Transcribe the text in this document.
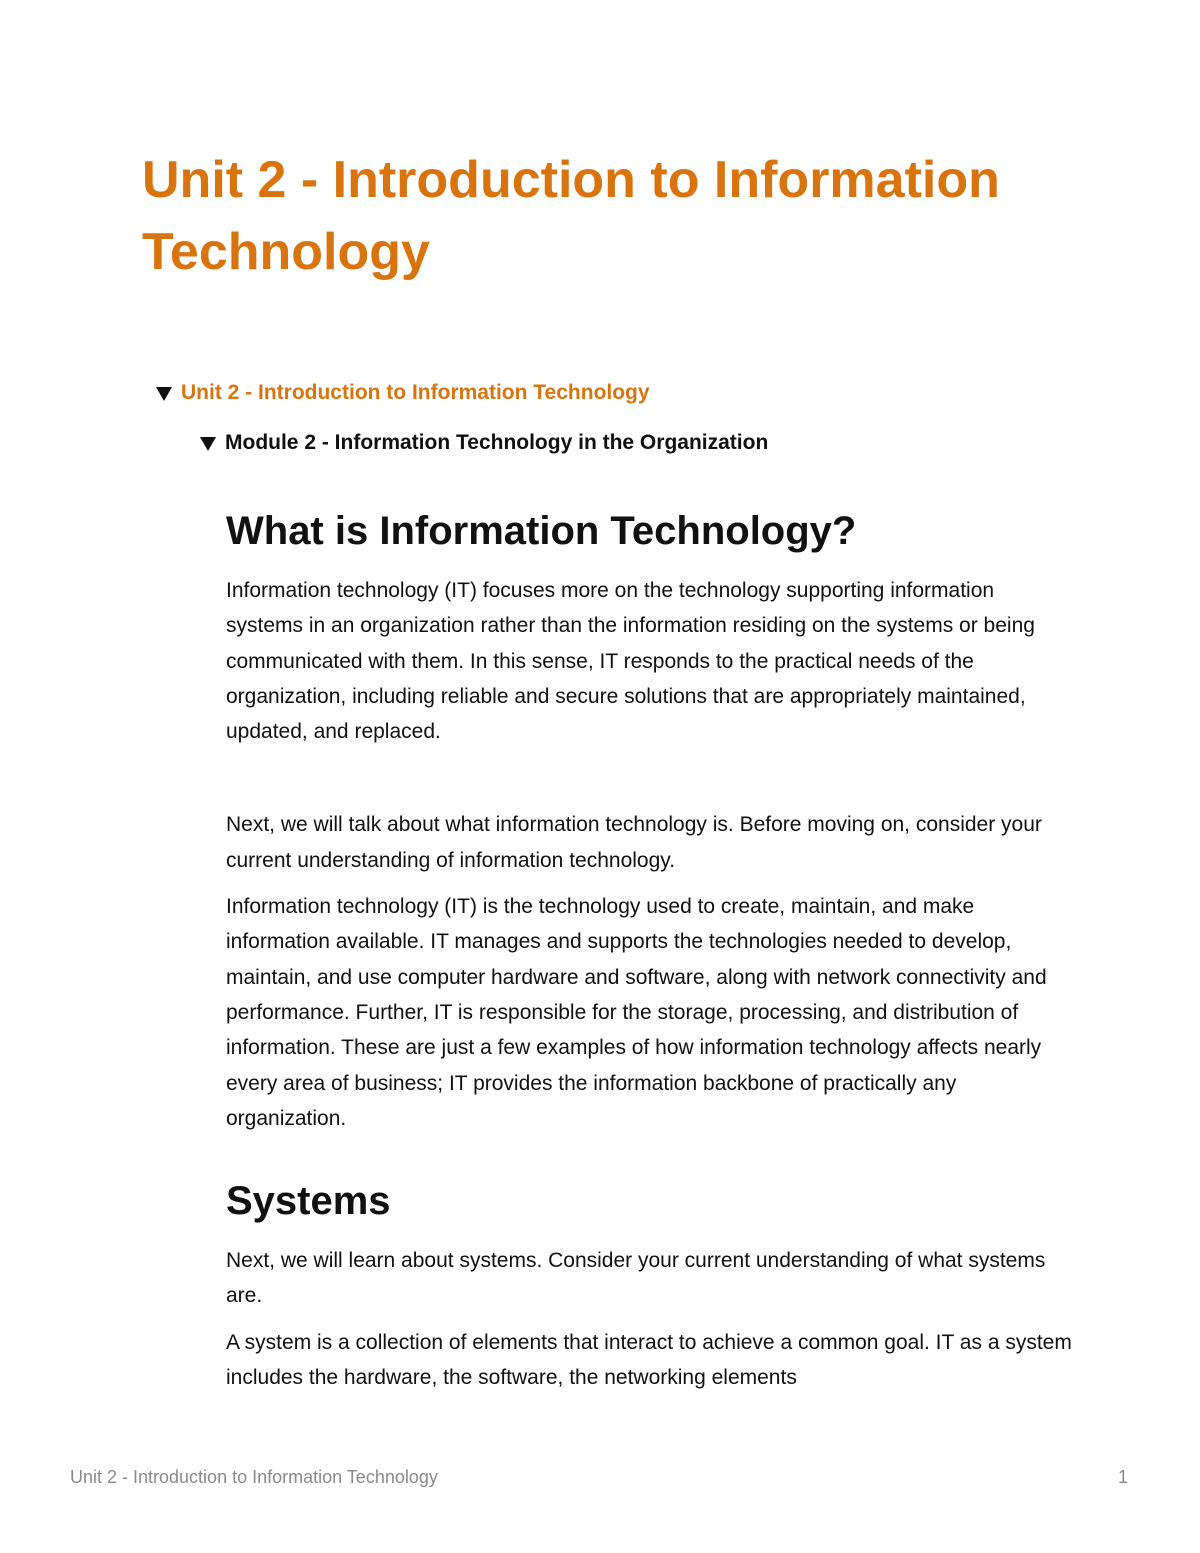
Unit 2 - Introduction to Information Technology
Unit 2 - Introduction to Information Technology
Module 2 - Information Technology in the Organization
What is Information Technology?

Information technology (IT) focuses more on the technology supporting information systems in an organization rather than the information residing on the systems or being communicated with them. In this sense, IT responds to the practical needs of the organization, including reliable and secure solutions that are appropriately maintained, updated, and replaced.

Next, we will talk about what information technology is. Before moving on, consider your current understanding of information technology.

Information technology (IT) is the technology used to create, maintain, and make information available. IT manages and supports the technologies needed to develop, maintain, and use computer hardware and software, along with network connectivity and performance. Further, IT is responsible for the storage, processing, and distribution of information. These are just a few examples of how information technology affects nearly every area of business; IT provides the information backbone of practically any organization.

Systems

Next, we will learn about systems. Consider your current understanding of what systems are.

A system is a collection of elements that interact to achieve a common goal. IT as a system includes the hardware, the software, the networking elements

Unit 2 - Introduction to Information Technology	1
